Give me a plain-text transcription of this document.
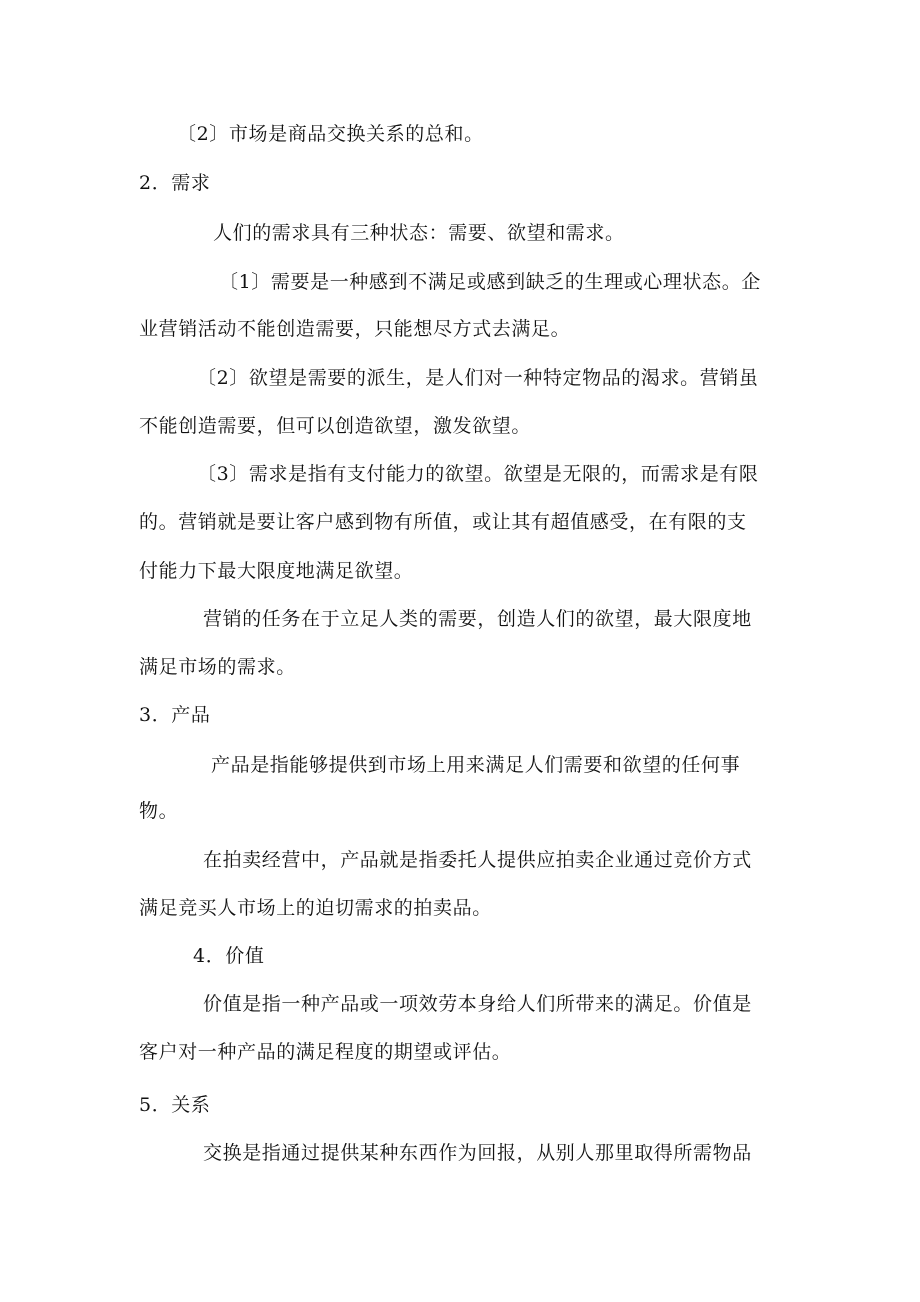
〔2〕市场是商品交换关系的总和。
2．需求
人们的需求具有三种状态：需要、欲望和需求。
〔1〕需要是一种感到不满足或感到缺乏的生理或心理状态。企
业营销活动不能创造需要，只能想尽方式去满足。
〔2〕欲望是需要的派生，是人们对一种特定物品的渴求。营销虽
不能创造需要，但可以创造欲望，激发欲望。
〔3〕需求是指有支付能力的欲望。欲望是无限的，而需求是有限
的。营销就是要让客户感到物有所值，或让其有超值感受，在有限的支
付能力下最大限度地满足欲望。
营销的任务在于立足人类的需要，创造人们的欲望，最大限度地
满足市场的需求。
3．产品
产品是指能够提供到市场上用来满足人们需要和欲望的任何事
物。
在拍卖经营中，产品就是指委托人提供应拍卖企业通过竞价方式
满足竞买人市场上的迫切需求的拍卖品。
4．价值
价值是指一种产品或一项效劳本身给人们所带来的满足。价值是
客户对一种产品的满足程度的期望或评估。
5．关系
交换是指通过提供某种东西作为回报，从别人那里取得所需物品
